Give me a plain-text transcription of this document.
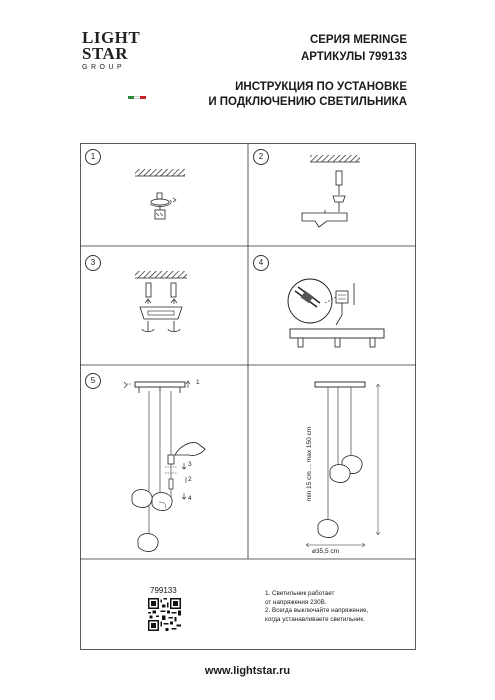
LIGHT
STAR
GROUP
СЕРИЯ MERINGE
АРТИКУЛЫ 799133
ИНСТРУКЦИЯ ПО УСТАНОВКЕ
И ПОДКЛЮЧЕНИЮ СВЕТИЛЬНИКА
1	2
3	4
5	1
3
2
4	min 15 cm ... max 150 cm
ø35,5 cm
799133	1. Светильник работает
от напряжения 230В.
2. Всегда выключайте напряжение,
когда устанавливаете светильник.
www.lightstar.ru
